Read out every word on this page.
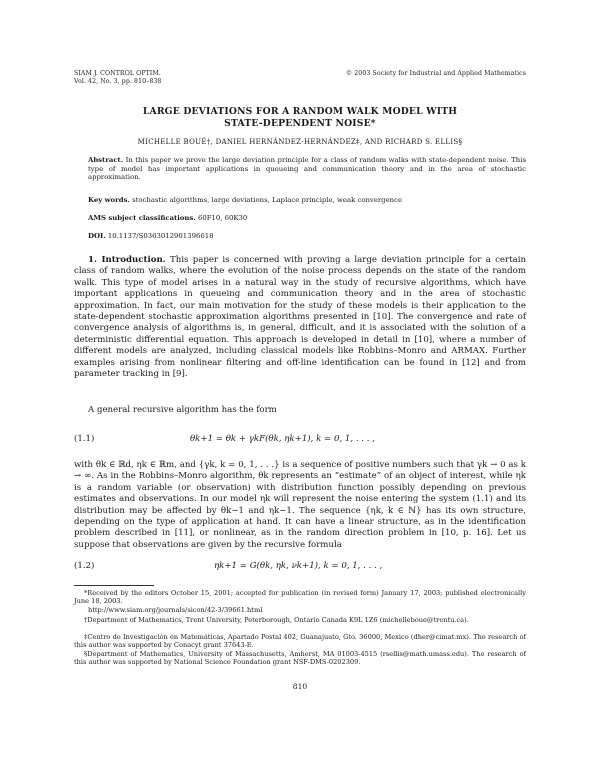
SIAM J. CONTROL OPTIM.
Vol. 42, No. 3, pp. 810–838
© 2003 Society for Industrial and Applied Mathematics
LARGE DEVIATIONS FOR A RANDOM WALK MODEL WITH
STATE-DEPENDENT NOISE*
MICHELLE BOUÉ†, DANIEL HERNÁNDEZ-HERNÁNDEZ‡, AND RICHARD S. ELLIS§
Abstract. In this paper we prove the large deviation principle for a class of random walks with state-dependent noise. This type of model has important applications in queueing and communication theory and in the area of stochastic approximation.
Key words. stochastic algorithms, large deviations, Laplace principle, weak convergence
AMS subject classifications. 60F10, 60K30
DOI. 10.1137/S0363012901396618
1. Introduction. This paper is concerned with proving a large deviation principle for a certain class of random walks, where the evolution of the noise process depends on the state of the random walk. This type of model arises in a natural way in the study of recursive algorithms, which have important applications in queueing and communication theory and in the area of stochastic approximation. In fact, our main motivation for the study of these models is their application to the state-dependent stochastic approximation algorithms presented in [10]. The convergence and rate of convergence analysis of algorithms is, in general, difficult, and it is associated with the solution of a deterministic differential equation. This approach is developed in detail in [10], where a number of different models are analyzed, including classical models like Robbins–Monro and ARMAX. Further examples arising from nonlinear filtering and off-line identification can be found in [12] and from parameter tracking in [9].
A general recursive algorithm has the form
(1.1)	θk+1 = θk + γkF(θk, ηk+1), k = 0, 1, . . . ,
with θk ∈ ℝd, ηk ∈ ℝm, and {γk, k = 0, 1, . . .} is a sequence of positive numbers such that γk → 0 as k → ∞. As in the Robbins–Monro algorithm, θk represents an “estimate” of an object of interest, while ηk is a random variable (or observation) with distribution function possibly depending on previous estimates and observations. In our model ηk will represent the noise entering the system (1.1) and its distribution may be affected by θk−1 and ηk−1. The sequence {ηk, k ∈ ℕ} has its own structure, depending on the type of application at hand. It can have a linear structure, as in the identification problem described in [11], or nonlinear, as in the random direction problem in [10, p. 16]. Let us suppose that observations are given by the recursive formula
(1.2)	ηk+1 = G(θk, ηk, νk+1), k = 0, 1, . . . ,
*Received by the editors October 15, 2001; accepted for publication (in revised form) January 17, 2003; published electronically June 18, 2003.
http://www.siam.org/journals/sicon/42-3/39661.html
†Department of Mathematics, Trent University, Peterborough, Ontario Canada K9L 1Z6 (michelleboue@trentu.ca).
‡Centro de Investigación en Matemáticas, Apartado Postal 402, Guanajuato, Gto. 36000, Mexico (dher@cimat.mx). The research of this author was supported by Conacyt grant 37643-E.
§Department of Mathematics, University of Massachusetts, Amherst, MA 01003-4515 (rsellis@math.umass.edu). The research of this author was supported by National Science Foundation grant NSF-DMS-0202309.
810
